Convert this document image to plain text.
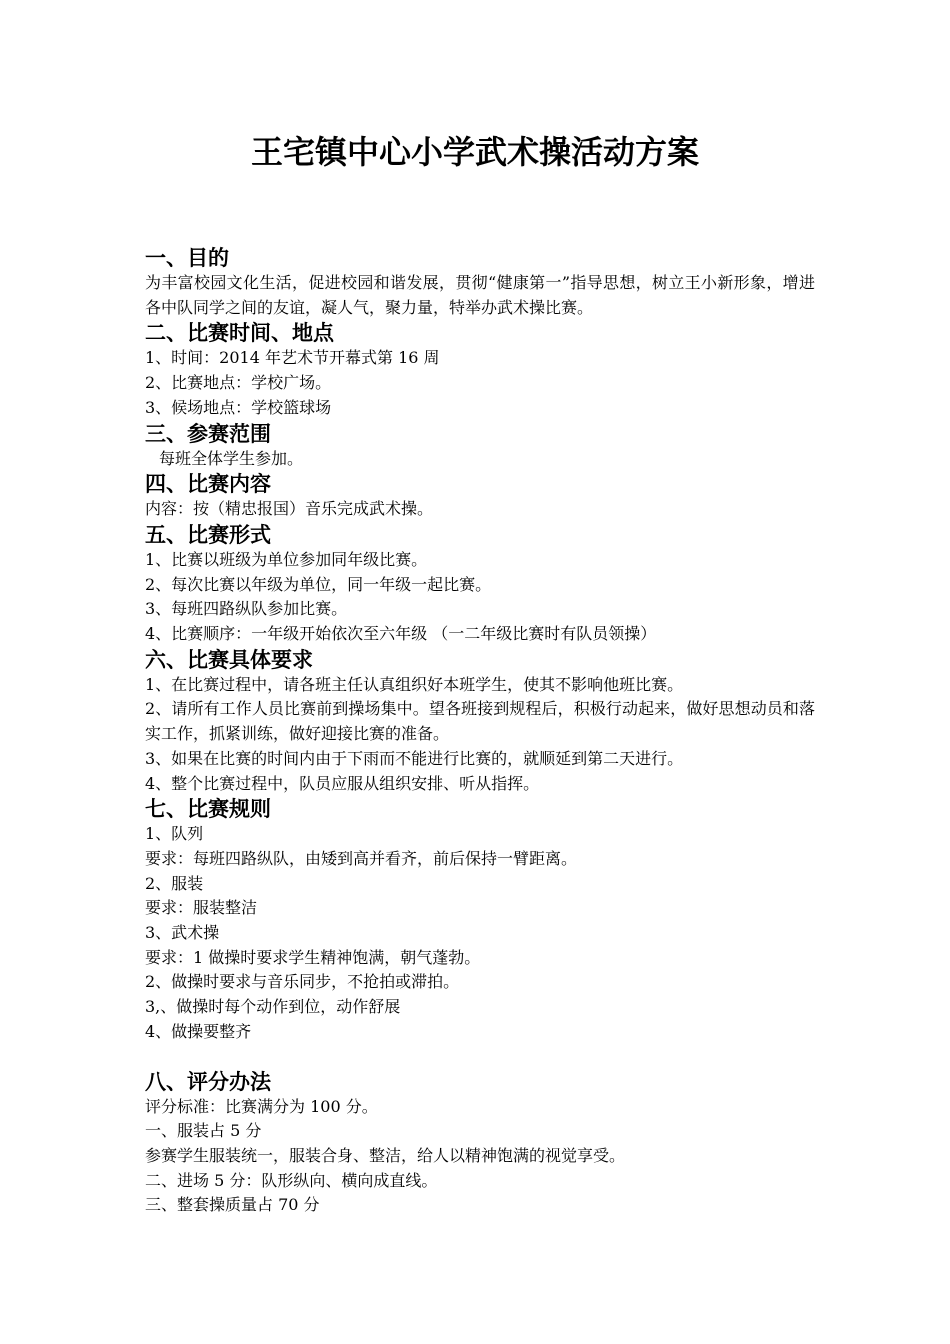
王宅镇中心小学武术操活动方案
一、目的

为丰富校园文化生活，促进校园和谐发展，贯彻“健康第一”指导思想，树立王小新形象，增进各中队同学之间的友谊，凝人气，聚力量，特举办武术操比赛。

二、比赛时间、地点

1、时间：2014 年艺术节开幕式第 16 周

2、比赛地点：学校广场。

3、候场地点：学校篮球场

三、参赛范围

每班全体学生参加。

四、比赛内容

内容：按（精忠报国）音乐完成武术操。

五、比赛形式

1、比赛以班级为单位参加同年级比赛。

2、每次比赛以年级为单位，同一年级一起比赛。

3、每班四路纵队参加比赛。

4、比赛顺序：一年级开始依次至六年级 （一二年级比赛时有队员领操）

六、比赛具体要求

1、在比赛过程中，请各班主任认真组织好本班学生，使其不影响他班比赛。

2、请所有工作人员比赛前到操场集中。望各班接到规程后，积极行动起来，做好思想动员和落实工作，抓紧训练，做好迎接比赛的准备。

3、如果在比赛的时间内由于下雨而不能进行比赛的，就顺延到第二天进行。

4、整个比赛过程中，队员应服从组织安排、听从指挥。

七、比赛规则

1、队列

要求：每班四路纵队，由矮到高并看齐，前后保持一臂距离。

2、服装

要求：服装整洁

3、武术操

要求：1 做操时要求学生精神饱满，朝气蓬勃。

2、做操时要求与音乐同步，不抢拍或滞拍。

3,、做操时每个动作到位，动作舒展

4、做操要整齐

八、评分办法

评分标准：比赛满分为 100 分。

一、服装占 5 分

参赛学生服装统一，服装合身、整洁，给人以精神饱满的视觉享受。

二、进场 5 分：队形纵向、横向成直线。

三、整套操质量占 70 分
